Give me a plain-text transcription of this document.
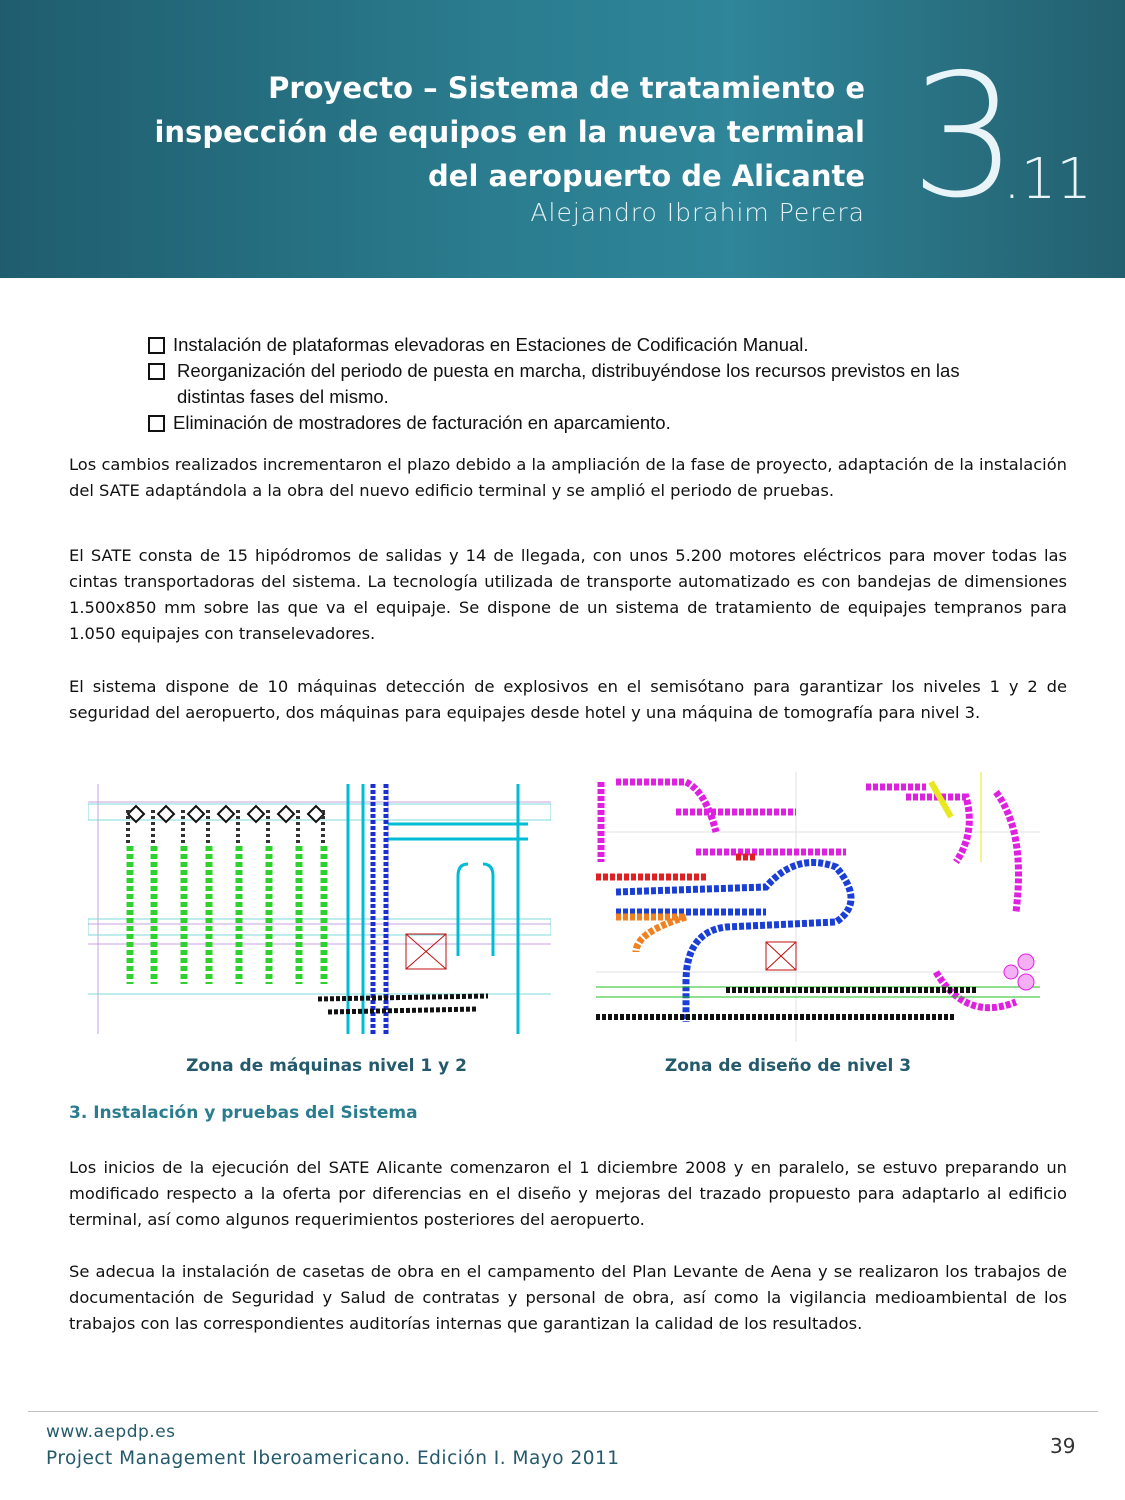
Proyecto – Sistema de tratamiento e
inspección de equipos en la nueva terminal
del aeropuerto de Alicante
Alejandro Ibrahim Perera 3
.11
Instalación de plataformas elevadoras en Estaciones de Codificación Manual.
Reorganización del periodo de puesta en marcha, distribuyéndose los recursos previstos en las distintas fases del mismo.
Eliminación de mostradores de facturación en aparcamiento.

Los cambios realizados incrementaron el plazo debido a la ampliación de la fase de proyecto, adaptación de la instalación del SATE adaptándola a la obra del nuevo edificio terminal y se amplió el periodo de pruebas.

El SATE consta de 15 hipódromos de salidas y 14 de llegada, con unos 5.200 motores eléctricos para mover todas las cintas transportadoras del sistema. La tecnología utilizada de transporte automatizado es con bandejas de dimensiones 1.500x850 mm sobre las que va el equipaje. Se dispone de un sistema de tratamiento de equipajes tempranos para 1.050 equipajes con transelevadores.

El sistema dispone de 10 máquinas detección de explosivos en el semisótano para garantizar los niveles 1 y 2 de seguridad del aeropuerto, dos máquinas para equipajes desde hotel y una máquina de tomografía para nivel 3.

Zona de máquinas nivel 1 y 2	Zona de diseño de nivel 3
3. Instalación y pruebas del Sistema

Los inicios de la ejecución del SATE Alicante comenzaron el 1 diciembre 2008 y en paralelo, se estuvo preparando un modificado respecto a la oferta por diferencias en el diseño y mejoras del trazado propuesto para adaptarlo al edificio terminal, así como algunos requerimientos posteriores del aeropuerto.

Se adecua la instalación de casetas de obra en el campamento del Plan Levante de Aena y se realizaron los trabajos de documentación de Seguridad y Salud de contratas y personal de obra, así como la vigilancia medioambiental de los trabajos con las correspondientes auditorías internas que garantizan la calidad de los resultados.

www.aepdp.es
Project Management Iberoamericano. Edición I. Mayo 2011
39
